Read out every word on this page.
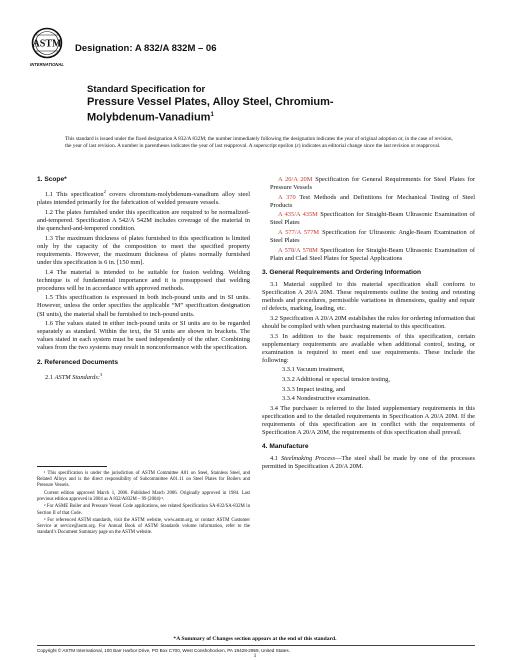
ASTM
INTERNATIONAL
Designation: A 832/A 832M – 06
Standard Specification for
Pressure Vessel Plates, Alloy Steel, Chromium-
Molybdenum-Vanadium$^1$
This standard is issued under the fixed designation A 832/A 832M; the number immediately following the designation indicates the year of original adoption or, in the case of revision, the year of last revision. A number in parentheses indicates the year of last reapproval. A superscript epsilon (ε) indicates an editorial change since the last revision or reapproval.

1. Scope*

1.1 This specification$^2$ covers chromium-molybdenum-vanadium alloy steel plates intended primarily for the fabrication of welded pressure vessels.

1.2 The plates furnished under this specification are required to be normalized-and-tempered. Specification A 542/A 542M includes coverage of the material in the quenched-and-tempered condition.

1.3 The maximum thickness of plates furnished to this specification is limited only by the capacity of the composition to meet the specified property requirements. However, the maximum thickness of plates normally furnished under this specification is 6 in. [150 mm].

1.4 The material is intended to be suitable for fusion welding. Welding technique is of fundamental importance and it is presupposed that welding procedures will be in accordance with approved methods.

1.5 This specification is expressed in both inch-pound units and in SI units. However, unless the order specifies the applicable “M” specification designation (SI units), the material shall be furnished to inch-pound units.

1.6 The values stated in either inch-pound units or SI units are to be regarded separately as standard. Within the text, the SI units are shown in brackets. The values stated in each system must be used independently of the other. Combining values from the two systems may result in nonconformance with the specification.

2. Referenced Documents

2.1 ASTM Standards:$^3$

A 20/A 20M Specification for General Requirements for Steel Plates for Pressure Vessels

A 370 Test Methods and Definitions for Mechanical Testing of Steel Products

A 435/A 435M Specification for Straight-Beam Ultrasonic Examination of Steel Plates

A 577/A 577M Specification for Ultrasonic Angle-Beam Examination of Steel Plates

A 578/A 578M Specification for Straight-Beam Ultrasonic Examination of Plain and Clad Steel Plates for Special Applications

3. General Requirements and Ordering Information

3.1 Material supplied to this material specification shall conform to Specification A 20/A 20M. These requirements outline the testing and retesting methods and procedures, permissible variations in dimensions, quality and repair of defects, marking, loading, etc.

3.2 Specification A 20/A 20M establishes the rules for ordering information that should be complied with when purchasing material to this specification.

3.3 In addition to the basic requirements of this specification, certain supplementary requirements are available when additional control, testing, or examination is required to meet end use requirements. These include the following:

3.3.1 Vacuum treatment,

3.3.2 Additional or special tension testing,

3.3.3 Impact testing, and

3.3.4 Nondestructive examination.

3.4 The purchaser is referred to the listed supplementary requirements in this specification and to the detailed requirements in Specification A 20/A 20M. If the requirements of this specification are in conflict with the requirements of Specification A 20/A 20M, the requirements of this specification shall prevail.

4. Manufacture

4.1 Steelmaking Process—The steel shall be made by one of the processes permitted in Specification A 20/A 20M.

¹ This specification is under the jurisdiction of ASTM Committee A01 on Steel, Stainless Steel, and Related Alloys and is the direct responsibility of Subcommittee A01.11 on Steel Plates for Boilers and Pressure Vessels.

Current edition approved March 1, 2006. Published March 2006. Originally approved in 1984. Last previous edition approved in 2004 as A 832/A832M – 99 (2004)ᵋ¹.

² For ASME Boiler and Pressure Vessel Code applications, see related Specification SA-832/SA-832M in Section II of that Code.

³ For referenced ASTM standards, visit the ASTM website, www.astm.org, or contact ASTM Customer Service at service@astm.org. For Annual Book of ASTM Standards volume information, refer to the standard’s Document Summary page on the ASTM website.

*A Summary of Changes section appears at the end of this standard.
Copyright © ASTM International, 100 Barr Harbor Drive, PO Box C700, West Conshohocken, PA 19428-2959, United States.
1
